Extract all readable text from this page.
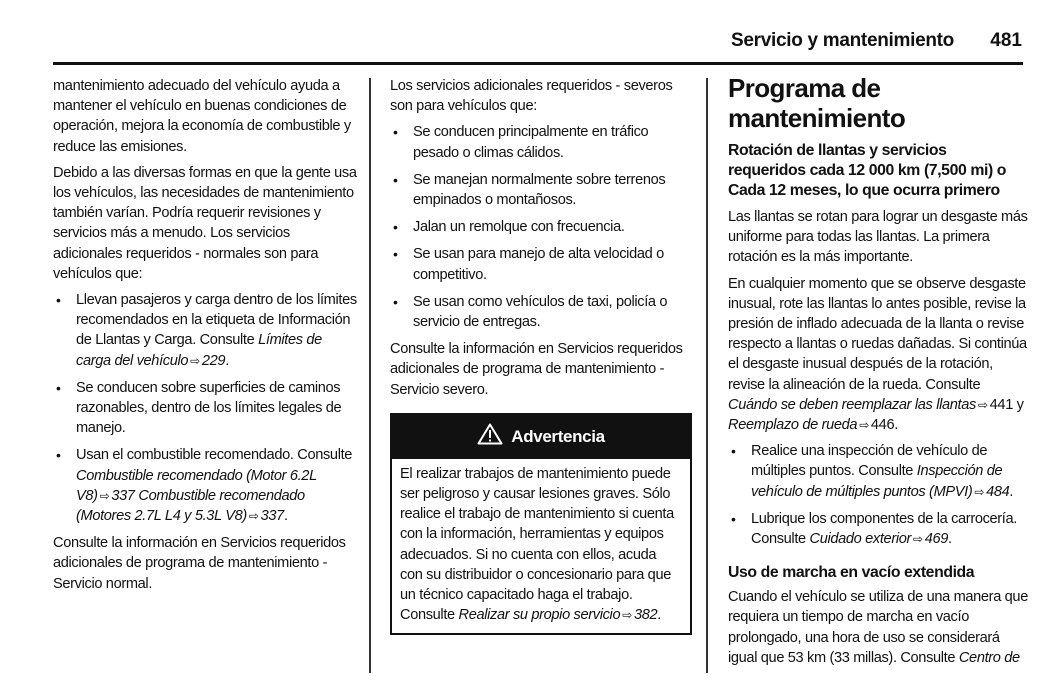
Servicio y mantenimiento 481

mantenimiento adecuado del vehículo ayuda a mantener el vehículo en buenas condiciones de operación, mejora la economía de combustible y reduce las emisiones.

Debido a las diversas formas en que la gente usa los vehículos, las necesidades de mantenimiento también varían. Podría requerir revisiones y servicios más a menudo. Los servicios adicionales requeridos - normales son para vehículos que:

• Llevan pasajeros y carga dentro de los límites recomendados en la etiqueta de Información de Llantas y Carga. Consulte Límites de carga del vehículo ⇨ 229.
• Se conducen sobre superficies de caminos razonables, dentro de los límites legales de manejo.
• Usan el combustible recomendado. Consulte Combustible recomendado (Motor 6.2L V8) ⇨ 337 Combustible recomendado (Motores 2.7L L4 y 5.3L V8) ⇨ 337.

Consulte la información en Servicios requeridos adicionales de programa de mantenimiento - Servicio normal.

Los servicios adicionales requeridos - severos son para vehículos que:

• Se conducen principalmente en tráfico pesado o climas cálidos.
• Se manejan normalmente sobre terrenos empinados o montañosos.
• Jalan un remolque con frecuencia.
• Se usan para manejo de alta velocidad o competitivo.
• Se usan como vehículos de taxi, policía o servicio de entregas.

Consulte la información en Servicios requeridos adicionales de programa de mantenimiento - Servicio severo.

Advertencia

El realizar trabajos de mantenimiento puede ser peligroso y causar lesiones graves. Sólo realice el trabajo de mantenimiento si cuenta con la información, herramientas y equipos adecuados. Si no cuenta con ellos, acuda con su distribuidor o concesionario para que un técnico capacitado haga el trabajo. Consulte Realizar su propio servicio ⇨ 382.

Programa de mantenimiento
Rotación de llantas y servicios requeridos cada 12 000 km (7,500 mi) o Cada 12 meses, lo que ocurra primero

Las llantas se rotan para lograr un desgaste más uniforme para todas las llantas. La primera rotación es la más importante.

En cualquier momento que se observe desgaste inusual, rote las llantas lo antes posible, revise la presión de inflado adecuada de la llanta o revise respecto a llantas o ruedas dañadas. Si continúa el desgaste inusual después de la rotación, revise la alineación de la rueda. Consulte Cuándo se deben reemplazar las llantas ⇨ 441 y Reemplazo de rueda ⇨ 446.

• Realice una inspección de vehículo de múltiples puntos. Consulte Inspección de vehículo de múltiples puntos (MPVI) ⇨ 484.
• Lubrique los componentes de la carrocería. Consulte Cuidado exterior ⇨ 469.
Uso de marcha en vacío extendida

Cuando el vehículo se utiliza de una manera que requiera un tiempo de marcha en vacío prolongado, una hora de uso se considerará igual que 53 km (33 millas). Consulte Centro de
